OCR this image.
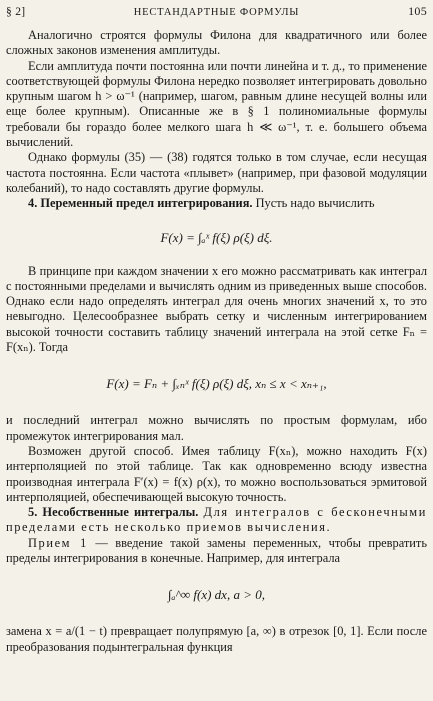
§ 2]	НЕСТАНДАРТНЫЕ ФОРМУЛЫ	105

Аналогично строятся формулы Филона для квадратичного или более сложных законов изменения амплитуды.

Если амплитуда почти постоянна или почти линейна и т. д., то применение соответствующей формулы Филона нередко позволяет интегрировать довольно крупным шагом h > ω⁻¹ (например, шагом, равным длине несущей волны или еще более крупным). Описанные же в § 1 полиномиальные формулы требовали бы гораздо более мелкого шага h ≪ ω⁻¹, т. е. большего объема вычислений.

Однако формулы (35) — (38) годятся только в том случае, если несущая частота постоянна. Если частота «плывет» (например, при фазовой модуляции колебаний), то надо составлять другие формулы.

4. Переменный предел интегрирования. Пусть надо вычислить

F(x) = ∫ₐˣ f(ξ) ρ(ξ) dξ.

В принципе при каждом значении x его можно рассматривать как интеграл с постоянными пределами и вычислять одним из приведенных выше способов. Однако если надо определять интеграл для очень многих значений x, то это невыгодно. Целесообразнее выбрать сетку и численным интегрированием высокой точности составить таблицу значений интеграла на этой сетке Fₙ = F(xₙ). Тогда

F(x) = Fₙ + ∫ₓₙˣ f(ξ) ρ(ξ) dξ, xₙ ≤ x < xₙ₊₁,

и последний интеграл можно вычислять по простым формулам, ибо промежуток интегрирования мал.

Возможен другой способ. Имея таблицу F(xₙ), можно находить F(x) интерполяцией по этой таблице. Так как одновременно всюду известна производная интеграла F′(x) = f(x) ρ(x), то можно воспользоваться эрмитовой интерполяцией, обеспечивающей высокую точность.

5. Несобственные интегралы. Для интегралов с бесконечными пределами есть несколько приемов вычисления.

Прием 1 — введение такой замены переменных, чтобы превратить пределы интегрирования в конечные. Например, для интеграла

∫ₐ^∞ f(x) dx, a > 0,

замена x = a/(1 − t) превращает полупрямую [a, ∞) в отрезок [0, 1]. Если после преобразования подынтегральная функция
